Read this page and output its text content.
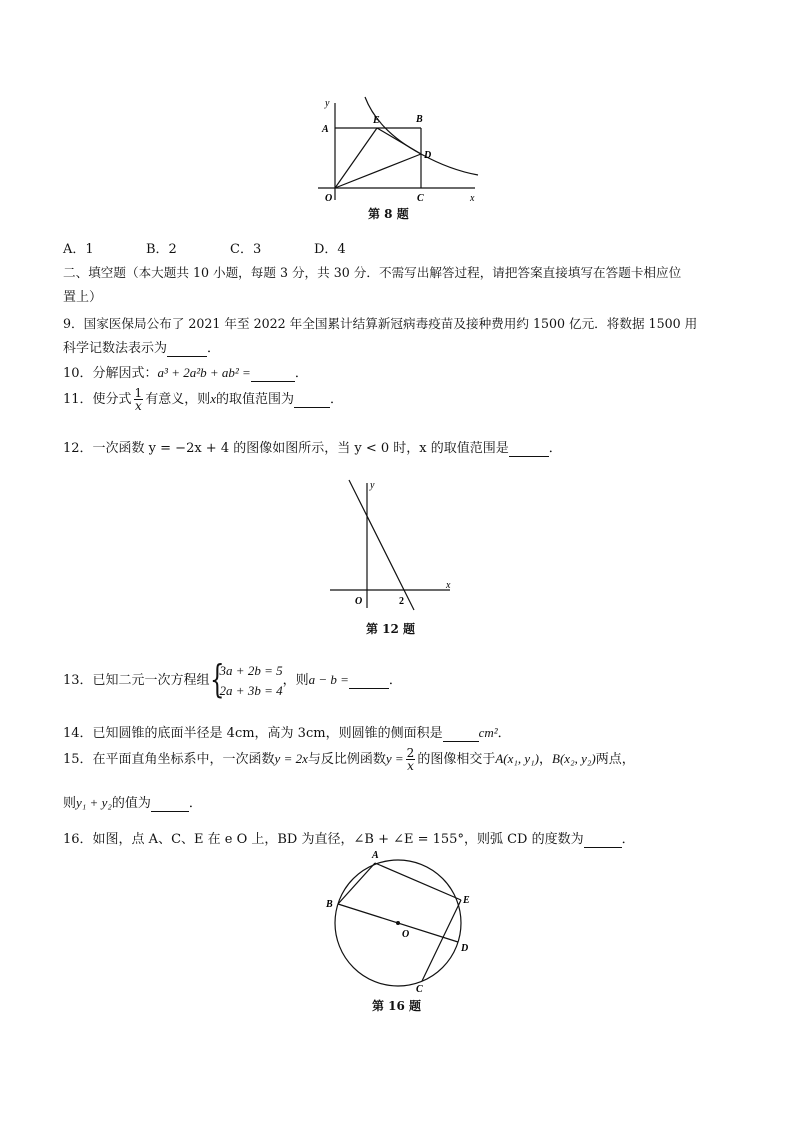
y
x
A
E	B
D
O	C
第 8 题
A．1	B．2	C．3	D．4
二、填空题（本大题共 10 小题，每题 3 分，共 30 分．不需写出解答过程，请把答案直接填写在答题卡相应位
置上）
9．国家医保局公布了 2021 年至 2022 年全国累计结算新冠病毒疫苗及接种费用约 1500 亿元．将数据 1500 用
科学记数法表示为	．
10．分解因式：a³ + 2a²b + ab² =	．
11．使分式 $\frac{1}{x}$ 有意义，则x的取值范围为	．
12．一次函数 y = −2x + 4 的图像如图所示，当 y < 0 时，x 的取值范围是	．
y
x
O	2
第 12 题
13．已知二元一次方程组 {
3a + 2b = 5
2a + 3b = 4
，则a − b =	．
14．已知圆锥的底面半径是 4cm，高为 3cm，则圆锥的侧面积是	cm²．
15．在平面直角坐标系中，一次函数y = 2x与反比例函数$y = \frac{2}{x}$ 的图像相交于A(x₁, y₁)，B(x₂, y₂)两点，
则y₁ + y₂的值为	．
16．如图，点 A、C、E 在 e O 上，BD 为直径，∠B + ∠E = 155°，则弧 CD 的度数为	．
A
B	E
O
D
C
第 16 题
